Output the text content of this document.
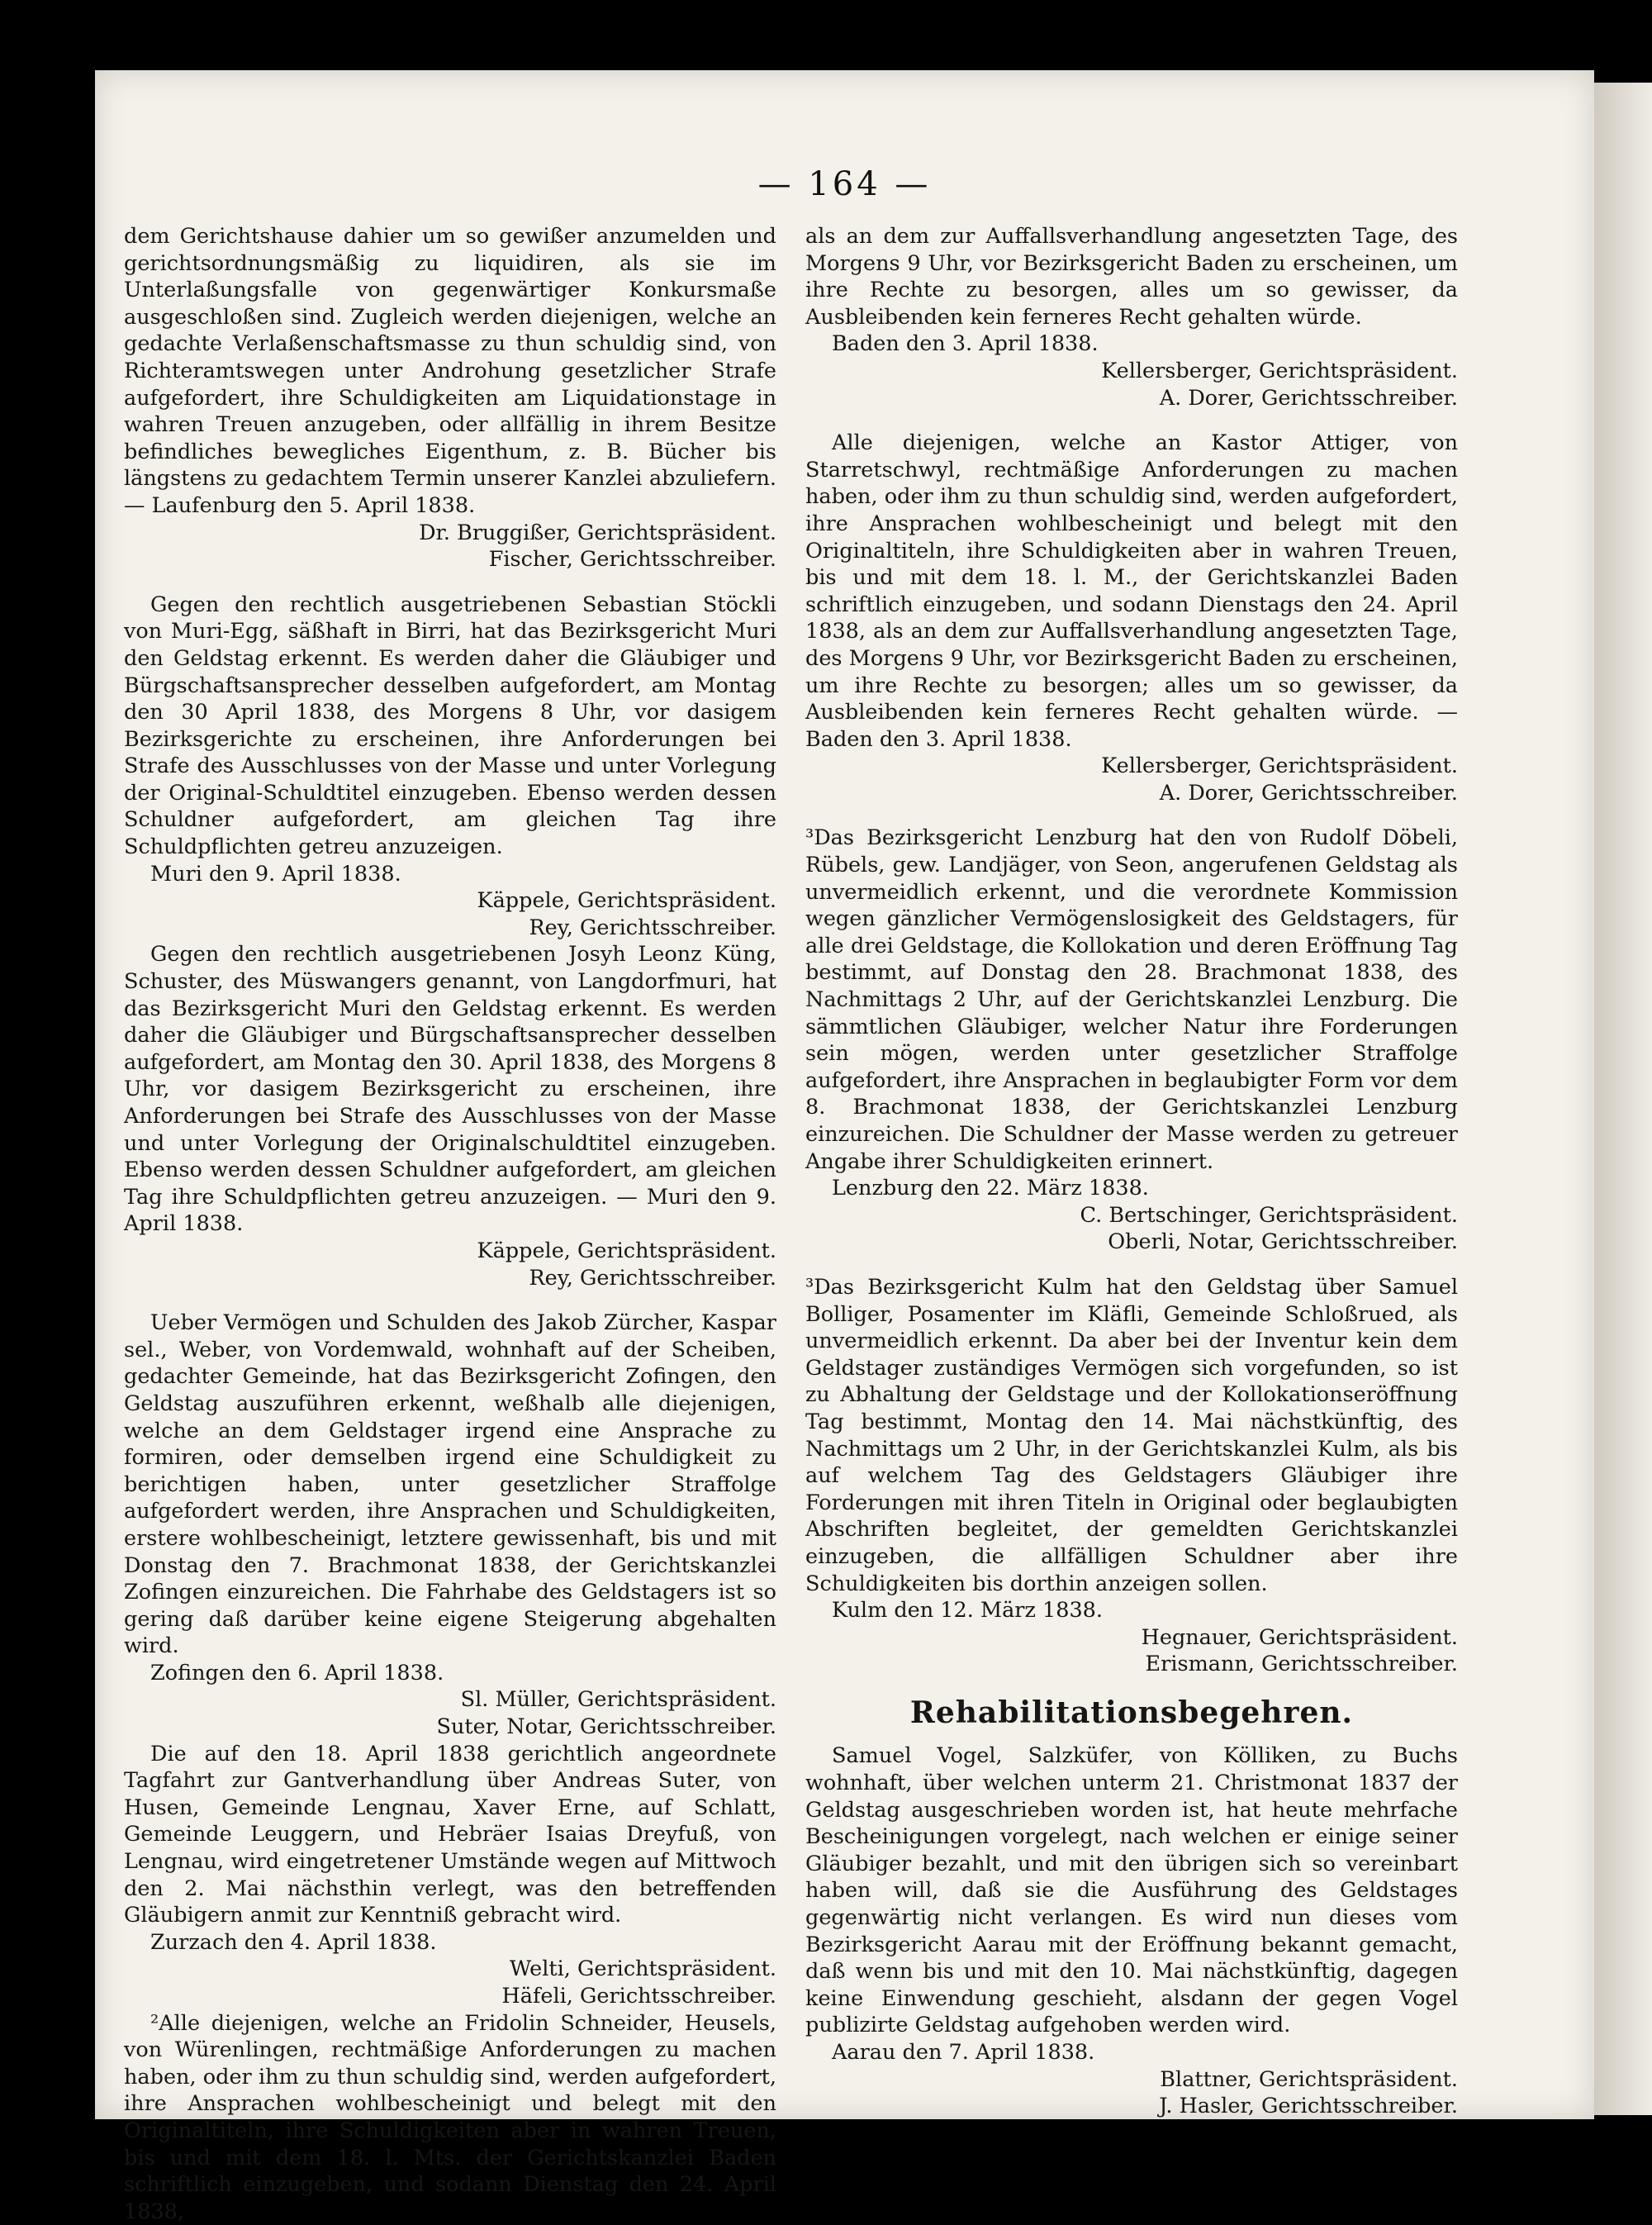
— 164 —

dem Gerichtshause dahier um so gewißer anzumelden und gerichtsordnungsmäßig zu liquidiren, als sie im Unterlaßungsfalle von gegenwärtiger Konkursmaße ausgeschloßen sind. Zugleich werden diejenigen, welche an gedachte Verlaßenschaftsmasse zu thun schuldig sind, von Richteramtswegen unter Androhung gesetzlicher Strafe aufgefordert, ihre Schuldigkeiten am Liquidationstage in wahren Treuen anzugeben, oder allfällig in ihrem Besitze befindliches bewegliches Eigenthum, z. B. Bücher bis längstens zu gedachtem Termin unserer Kanzlei abzuliefern. — Laufenburg den 5. April 1838.

Dr. Bruggißer, Gerichtspräsident.

Fischer, Gerichtsschreiber.

Gegen den rechtlich ausgetriebenen Sebastian Stöckli von Muri-Egg, säßhaft in Birri, hat das Bezirksgericht Muri den Geldstag erkennt. Es werden daher die Gläubiger und Bürgschaftsansprecher desselben aufgefordert, am Montag den 30 April 1838, des Morgens 8 Uhr, vor dasigem Bezirksgerichte zu erscheinen, ihre Anforderungen bei Strafe des Ausschlusses von der Masse und unter Vorlegung der Original-Schuldtitel einzugeben. Ebenso werden dessen Schuldner aufgefordert, am gleichen Tag ihre Schuldpflichten getreu anzuzeigen.

Muri den 9. April 1838.

Käppele, Gerichtspräsident.

Rey, Gerichtsschreiber.

Gegen den rechtlich ausgetriebenen Josyh Leonz Küng, Schuster, des Müswangers genannt, von Langdorfmuri, hat das Bezirksgericht Muri den Geldstag erkennt. Es werden daher die Gläubiger und Bürgschaftsansprecher desselben aufgefordert, am Montag den 30. April 1838, des Morgens 8 Uhr, vor dasigem Bezirksgericht zu erscheinen, ihre Anforderungen bei Strafe des Ausschlusses von der Masse und unter Vorlegung der Originalschuldtitel einzugeben. Ebenso werden dessen Schuldner aufgefordert, am gleichen Tag ihre Schuldpflichten getreu anzuzeigen. — Muri den 9. April 1838.

Käppele, Gerichtspräsident.

Rey, Gerichtsschreiber.

Ueber Vermögen und Schulden des Jakob Zürcher, Kaspar sel., Weber, von Vordemwald, wohnhaft auf der Scheiben, gedachter Gemeinde, hat das Bezirksgericht Zofingen, den Geldstag auszuführen erkennt, weßhalb alle diejenigen, welche an dem Geldstager irgend eine Ansprache zu formiren, oder demselben irgend eine Schuldigkeit zu berichtigen haben, unter gesetzlicher Straffolge aufgefordert werden, ihre Ansprachen und Schuldigkeiten, erstere wohlbescheinigt, letztere gewissenhaft, bis und mit Donstag den 7. Brachmonat 1838, der Gerichtskanzlei Zofingen einzureichen. Die Fahrhabe des Geldstagers ist so gering daß darüber keine eigene Steigerung abgehalten wird.

Zofingen den 6. April 1838.

Sl. Müller, Gerichtspräsident.

Suter, Notar, Gerichtsschreiber.

Die auf den 18. April 1838 gerichtlich angeordnete Tagfahrt zur Gantverhandlung über Andreas Suter, von Husen, Gemeinde Lengnau, Xaver Erne, auf Schlatt, Gemeinde Leuggern, und Hebräer Isaias Dreyfuß, von Lengnau, wird eingetretener Umstände wegen auf Mittwoch den 2. Mai nächsthin verlegt, was den betreffenden Gläubigern anmit zur Kenntniß gebracht wird.

Zurzach den 4. April 1838.

Welti, Gerichtspräsident.

Häfeli, Gerichtsschreiber.

²Alle diejenigen, welche an Fridolin Schneider, Heusels, von Würenlingen, rechtmäßige Anforderungen zu machen haben, oder ihm zu thun schuldig sind, werden aufgefordert, ihre Ansprachen wohlbescheinigt und belegt mit den Originaltiteln, ihre Schuldigkeiten aber in wahren Treuen, bis und mit dem 18. l. Mts. der Gerichtskanzlei Baden schriftlich einzugeben, und sodann Dienstag den 24. April 1838,

als an dem zur Auffallsverhandlung angesetzten Tage, des Morgens 9 Uhr, vor Bezirksgericht Baden zu erscheinen, um ihre Rechte zu besorgen, alles um so gewisser, da Ausbleibenden kein ferneres Recht gehalten würde.

Baden den 3. April 1838.

Kellersberger, Gerichtspräsident.

A. Dorer, Gerichtsschreiber.

Alle diejenigen, welche an Kastor Attiger, von Starretschwyl, rechtmäßige Anforderungen zu machen haben, oder ihm zu thun schuldig sind, werden aufgefordert, ihre Ansprachen wohlbescheinigt und belegt mit den Originaltiteln, ihre Schuldigkeiten aber in wahren Treuen, bis und mit dem 18. l. M., der Gerichtskanzlei Baden schriftlich einzugeben, und sodann Dienstags den 24. April 1838, als an dem zur Auffallsverhandlung angesetzten Tage, des Morgens 9 Uhr, vor Bezirksgericht Baden zu erscheinen, um ihre Rechte zu besorgen; alles um so gewisser, da Ausbleibenden kein ferneres Recht gehalten würde. — Baden den 3. April 1838.

Kellersberger, Gerichtspräsident.

A. Dorer, Gerichtsschreiber.

³Das Bezirksgericht Lenzburg hat den von Rudolf Döbeli, Rübels, gew. Landjäger, von Seon, angerufenen Geldstag als unvermeidlich erkennt, und die verordnete Kommission wegen gänzlicher Vermögenslosigkeit des Geldstagers, für alle drei Geldstage, die Kollokation und deren Eröffnung Tag bestimmt, auf Donstag den 28. Brachmonat 1838, des Nachmittags 2 Uhr, auf der Gerichtskanzlei Lenzburg. Die sämmtlichen Gläubiger, welcher Natur ihre Forderungen sein mögen, werden unter gesetzlicher Straffolge aufgefordert, ihre Ansprachen in beglaubigter Form vor dem 8. Brachmonat 1838, der Gerichtskanzlei Lenzburg einzureichen. Die Schuldner der Masse werden zu getreuer Angabe ihrer Schuldigkeiten erinnert.

Lenzburg den 22. März 1838.

C. Bertschinger, Gerichtspräsident.

Oberli, Notar, Gerichtsschreiber.

³Das Bezirksgericht Kulm hat den Geldstag über Samuel Bolliger, Posamenter im Kläfli, Gemeinde Schloßrued, als unvermeidlich erkennt. Da aber bei der Inventur kein dem Geldstager zuständiges Vermögen sich vorgefunden, so ist zu Abhaltung der Geldstage und der Kollokationseröffnung Tag bestimmt, Montag den 14. Mai nächstkünftig, des Nachmittags um 2 Uhr, in der Gerichtskanzlei Kulm, als bis auf welchem Tag des Geldstagers Gläubiger ihre Forderungen mit ihren Titeln in Original oder beglaubigten Abschriften begleitet, der gemeldten Gerichtskanzlei einzugeben, die allfälligen Schuldner aber ihre Schuldigkeiten bis dorthin anzeigen sollen.

Kulm den 12. März 1838.

Hegnauer, Gerichtspräsident.

Erismann, Gerichtsschreiber.

Rehabilitationsbegehren.

Samuel Vogel, Salzküfer, von Kölliken, zu Buchs wohnhaft, über welchen unterm 21. Christmonat 1837 der Geldstag ausgeschrieben worden ist, hat heute mehrfache Bescheinigungen vorgelegt, nach welchen er einige seiner Gläubiger bezahlt, und mit den übrigen sich so vereinbart haben will, daß sie die Ausführung des Geldstages gegenwärtig nicht verlangen. Es wird nun dieses vom Bezirksgericht Aarau mit der Eröffnung bekannt gemacht, daß wenn bis und mit den 10. Mai nächstkünftig, dagegen keine Einwendung geschieht, alsdann der gegen Vogel publizirte Geldstag aufgehoben werden wird.

Aarau den 7. April 1838.

Blattner, Gerichtspräsident.

J. Hasler, Gerichtsschreiber.
